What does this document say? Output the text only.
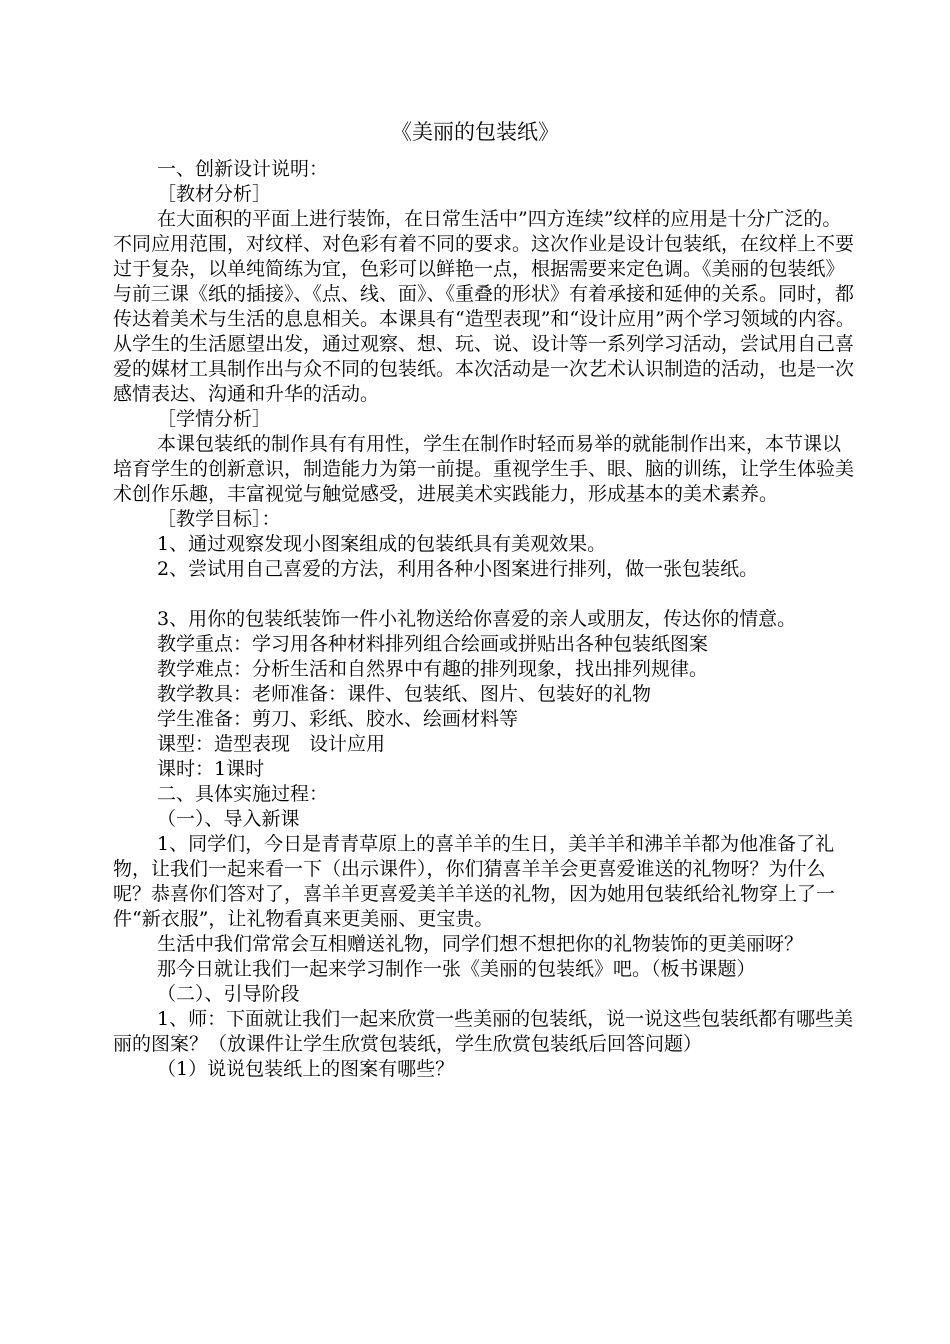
《美丽的包装纸》

一、创新设计说明：

［教材分析］

在大面积的平面上进行装饰，在日常生活中”四方连续”纹样的应用是十分广泛的。不同应用范围，对纹样、对色彩有着不同的要求。这次作业是设计包装纸，在纹样上不要过于复杂，以单纯简练为宜，色彩可以鲜艳一点，根据需要来定色调。《美丽的包装纸》与前三课《纸的插接》、《点、线、面》、《重叠的形状》有着承接和延伸的关系。同时，都传达着美术与生活的息息相关。本课具有“造型表现”和“设计应用”两个学习领域的内容。从学生的生活愿望出发，通过观察、想、玩、说、设计等一系列学习活动，尝试用自己喜爱的媒材工具制作出与众不同的包装纸。本次活动是一次艺术认识制造的活动，也是一次感情表达、沟通和升华的活动。

［学情分析］

本课包装纸的制作具有有用性，学生在制作时轻而易举的就能制作出来，本节课以培育学生的创新意识，制造能力为第一前提。重视学生手、眼、脑的训练，让学生体验美术创作乐趣，丰富视觉与触觉感受，进展美术实践能力，形成基本的美术素养。

［教学目标］：

1、通过观察发现小图案组成的包装纸具有美观效果。

2、尝试用自己喜爱的方法，利用各种小图案进行排列，做一张包装纸。

3、用你的包装纸装饰一件小礼物送给你喜爱的亲人或朋友，传达你的情意。

教学重点：学习用各种材料排列组合绘画或拼贴出各种包装纸图案

教学难点：分析生活和自然界中有趣的排列现象，找出排列规律。

教学教具：老师准备：课件、包装纸、图片、包装好的礼物

学生准备：剪刀、彩纸、胶水、绘画材料等

课型：造型表现　设计应用

课时：1课时

二、具体实施过程：

（一）、导入新课

1、同学们，今日是青青草原上的喜羊羊的生日，美羊羊和沸羊羊都为他准备了礼物，让我们一起来看一下（出示课件），你们猜喜羊羊会更喜爱谁送的礼物呀？为什么呢？恭喜你们答对了，喜羊羊更喜爱美羊羊送的礼物，因为她用包装纸给礼物穿上了一件“新衣服”，让礼物看真来更美丽、更宝贵。

生活中我们常常会互相赠送礼物，同学们想不想把你的礼物装饰的更美丽呀？

那今日就让我们一起来学习制作一张《美丽的包装纸》吧。（板书课题）

（二）、引导阶段

1、师：下面就让我们一起来欣赏一些美丽的包装纸，说一说这些包装纸都有哪些美丽的图案？（放课件让学生欣赏包装纸，学生欣赏包装纸后回答问题）

（1）说说包装纸上的图案有哪些？
